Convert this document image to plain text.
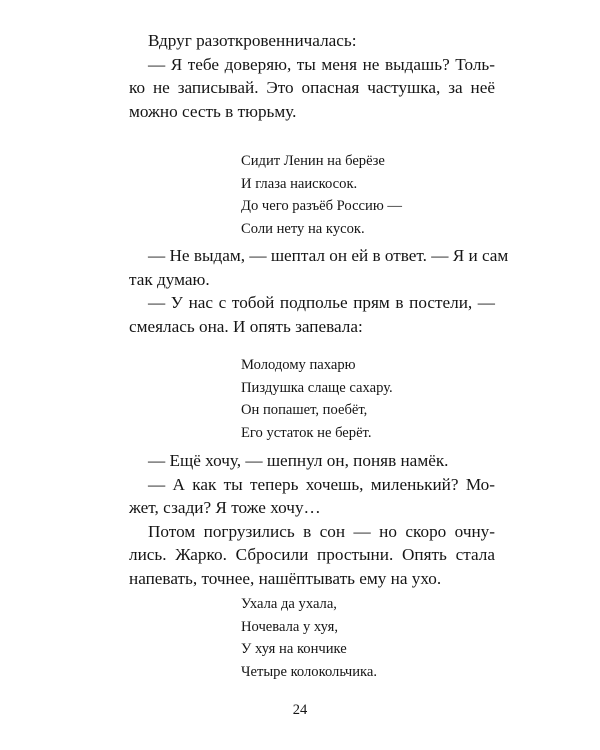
Вдруг разоткровенничалась:
— Я тебе доверяю, ты меня не выдашь? Толь-
ко не записывай. Это опасная частушка, за неё
можно сесть в тюрьму.
Сидит Ленин на берёзе
И глаза наискосок.
До чего разъёб Россию —
Соли нету на кусок.
— Не выдам, — шептал он ей в ответ. — Я и сам
так думаю.
— У нас с тобой подполье прям в постели, —
смеялась она. И опять запевала:
Молодому пахарю
Пиздушка слаще сахару.
Он попашет, поебёт,
Его устаток не берёт.
— Ещё хочу, — шепнул он, поняв намёк.
— А как ты теперь хочешь, миленький? Мо-
жет, сзади? Я тоже хочу…
Потом погрузились в сон — но скоро очну-
лись. Жарко. Сбросили простыни. Опять стала
напевать, точнее, нашёптывать ему на ухо.
Ухала да ухала,
Ночевала у хуя,
У хуя на кончике
Четыре колокольчика.
24
